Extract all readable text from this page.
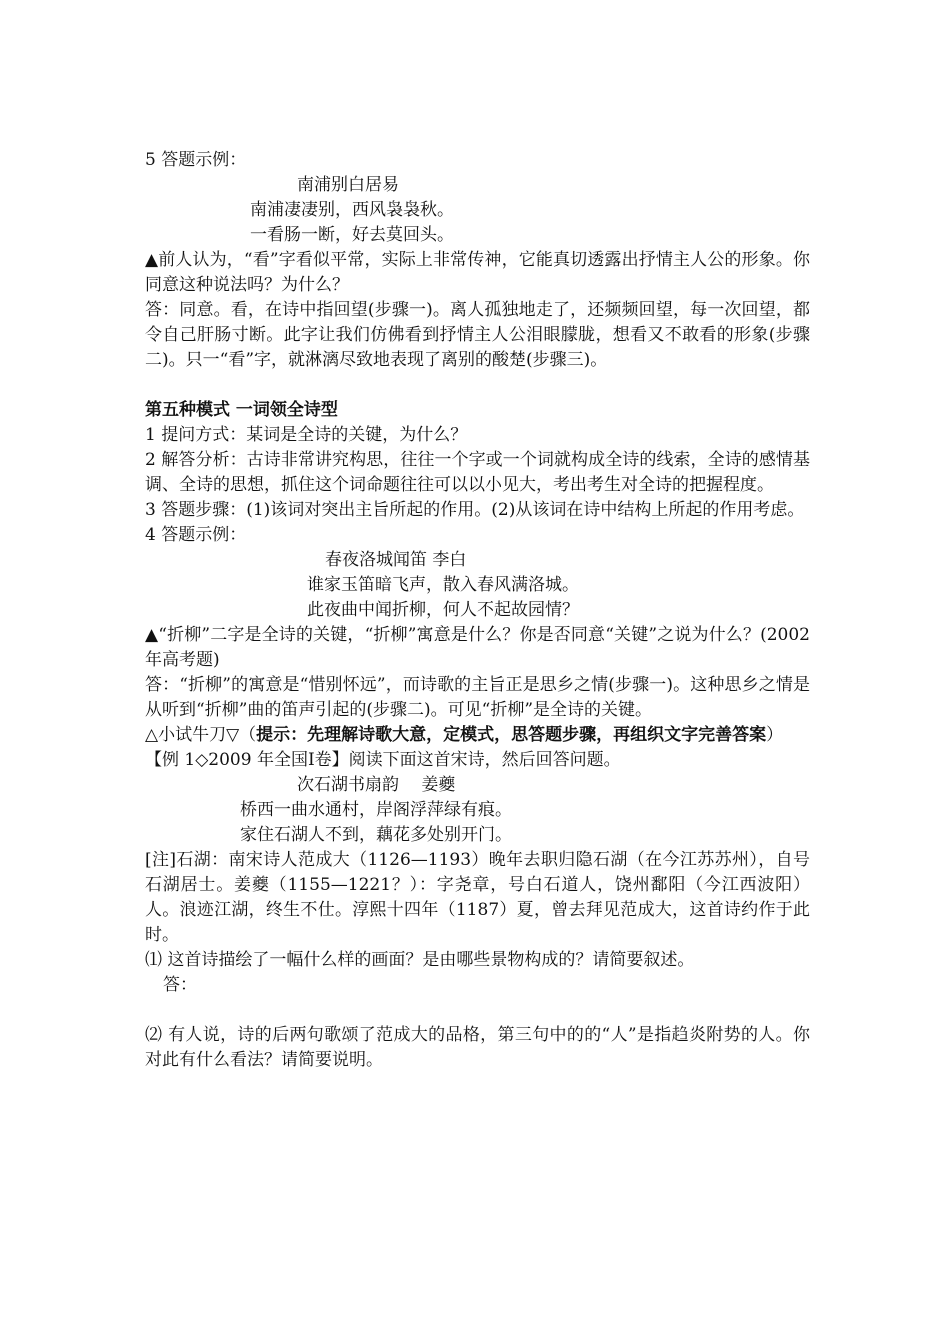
5 答题示例：
南浦别白居易
南浦凄凄别，西风袅袅秋。
一看肠一断，好去莫回头。
▲前人认为，“看”字看似平常，实际上非常传神，它能真切透露出抒情主人公的形象。你同意这种说法吗？为什么？
答：同意。看，在诗中指回望(步骤一)。离人孤独地走了，还频频回望，每一次回望，都令自己肝肠寸断。此字让我们仿佛看到抒情主人公泪眼朦胧，想看又不敢看的形象(步骤二)。只一“看”字，就淋漓尽致地表现了离别的酸楚(步骤三)。
第五种模式 一词领全诗型
1 提问方式：某词是全诗的关键，为什么？
2 解答分析：古诗非常讲究构思，往往一个字或一个词就构成全诗的线索，全诗的感情基调、全诗的思想，抓住这个词命题往往可以以小见大，考出考生对全诗的把握程度。
3 答题步骤：(1)该词对突出主旨所起的作用。(2)从该词在诗中结构上所起的作用考虑。
4 答题示例：
春夜洛城闻笛 李白
谁家玉笛暗飞声，散入春风满洛城。
此夜曲中闻折柳，何人不起故园情？
▲“折柳”二字是全诗的关键，“折柳”寓意是什么？你是否同意“关键”之说为什么？(2002 年高考题)
答：“折柳”的寓意是“惜别怀远”，而诗歌的主旨正是思乡之情(步骤一)。这种思乡之情是从听到“折柳”曲的笛声引起的(步骤二)。可见“折柳”是全诗的关键。
△小试牛刀▽（提示：先理解诗歌大意，定模式，思答题步骤，再组织文字完善答案）
【例 1◇2009 年全国Ⅰ卷】阅读下面这首宋诗，然后回答问题。
次石湖书扇韵　 姜夔
桥西一曲水通村，岸阁浮萍绿有痕。
家住石湖人不到，藕花多处别开门。
[注]石湖：南宋诗人范成大（1126—1193）晚年去职归隐石湖（在今江苏苏州），自号石湖居士。姜夔（1155—1221？）：字尧章，号白石道人，饶州鄱阳（今江西波阳）人。浪迹江湖，终生不仕。淳熙十四年（1187）夏，曾去拜见范成大，这首诗约作于此时。
⑴ 这首诗描绘了一幅什么样的画面？是由哪些景物构成的？请简要叙述。
答：
⑵ 有人说，诗的后两句歌颂了范成大的品格，第三句中的的“人”是指趋炎附势的人。你对此有什么看法？请简要说明。
